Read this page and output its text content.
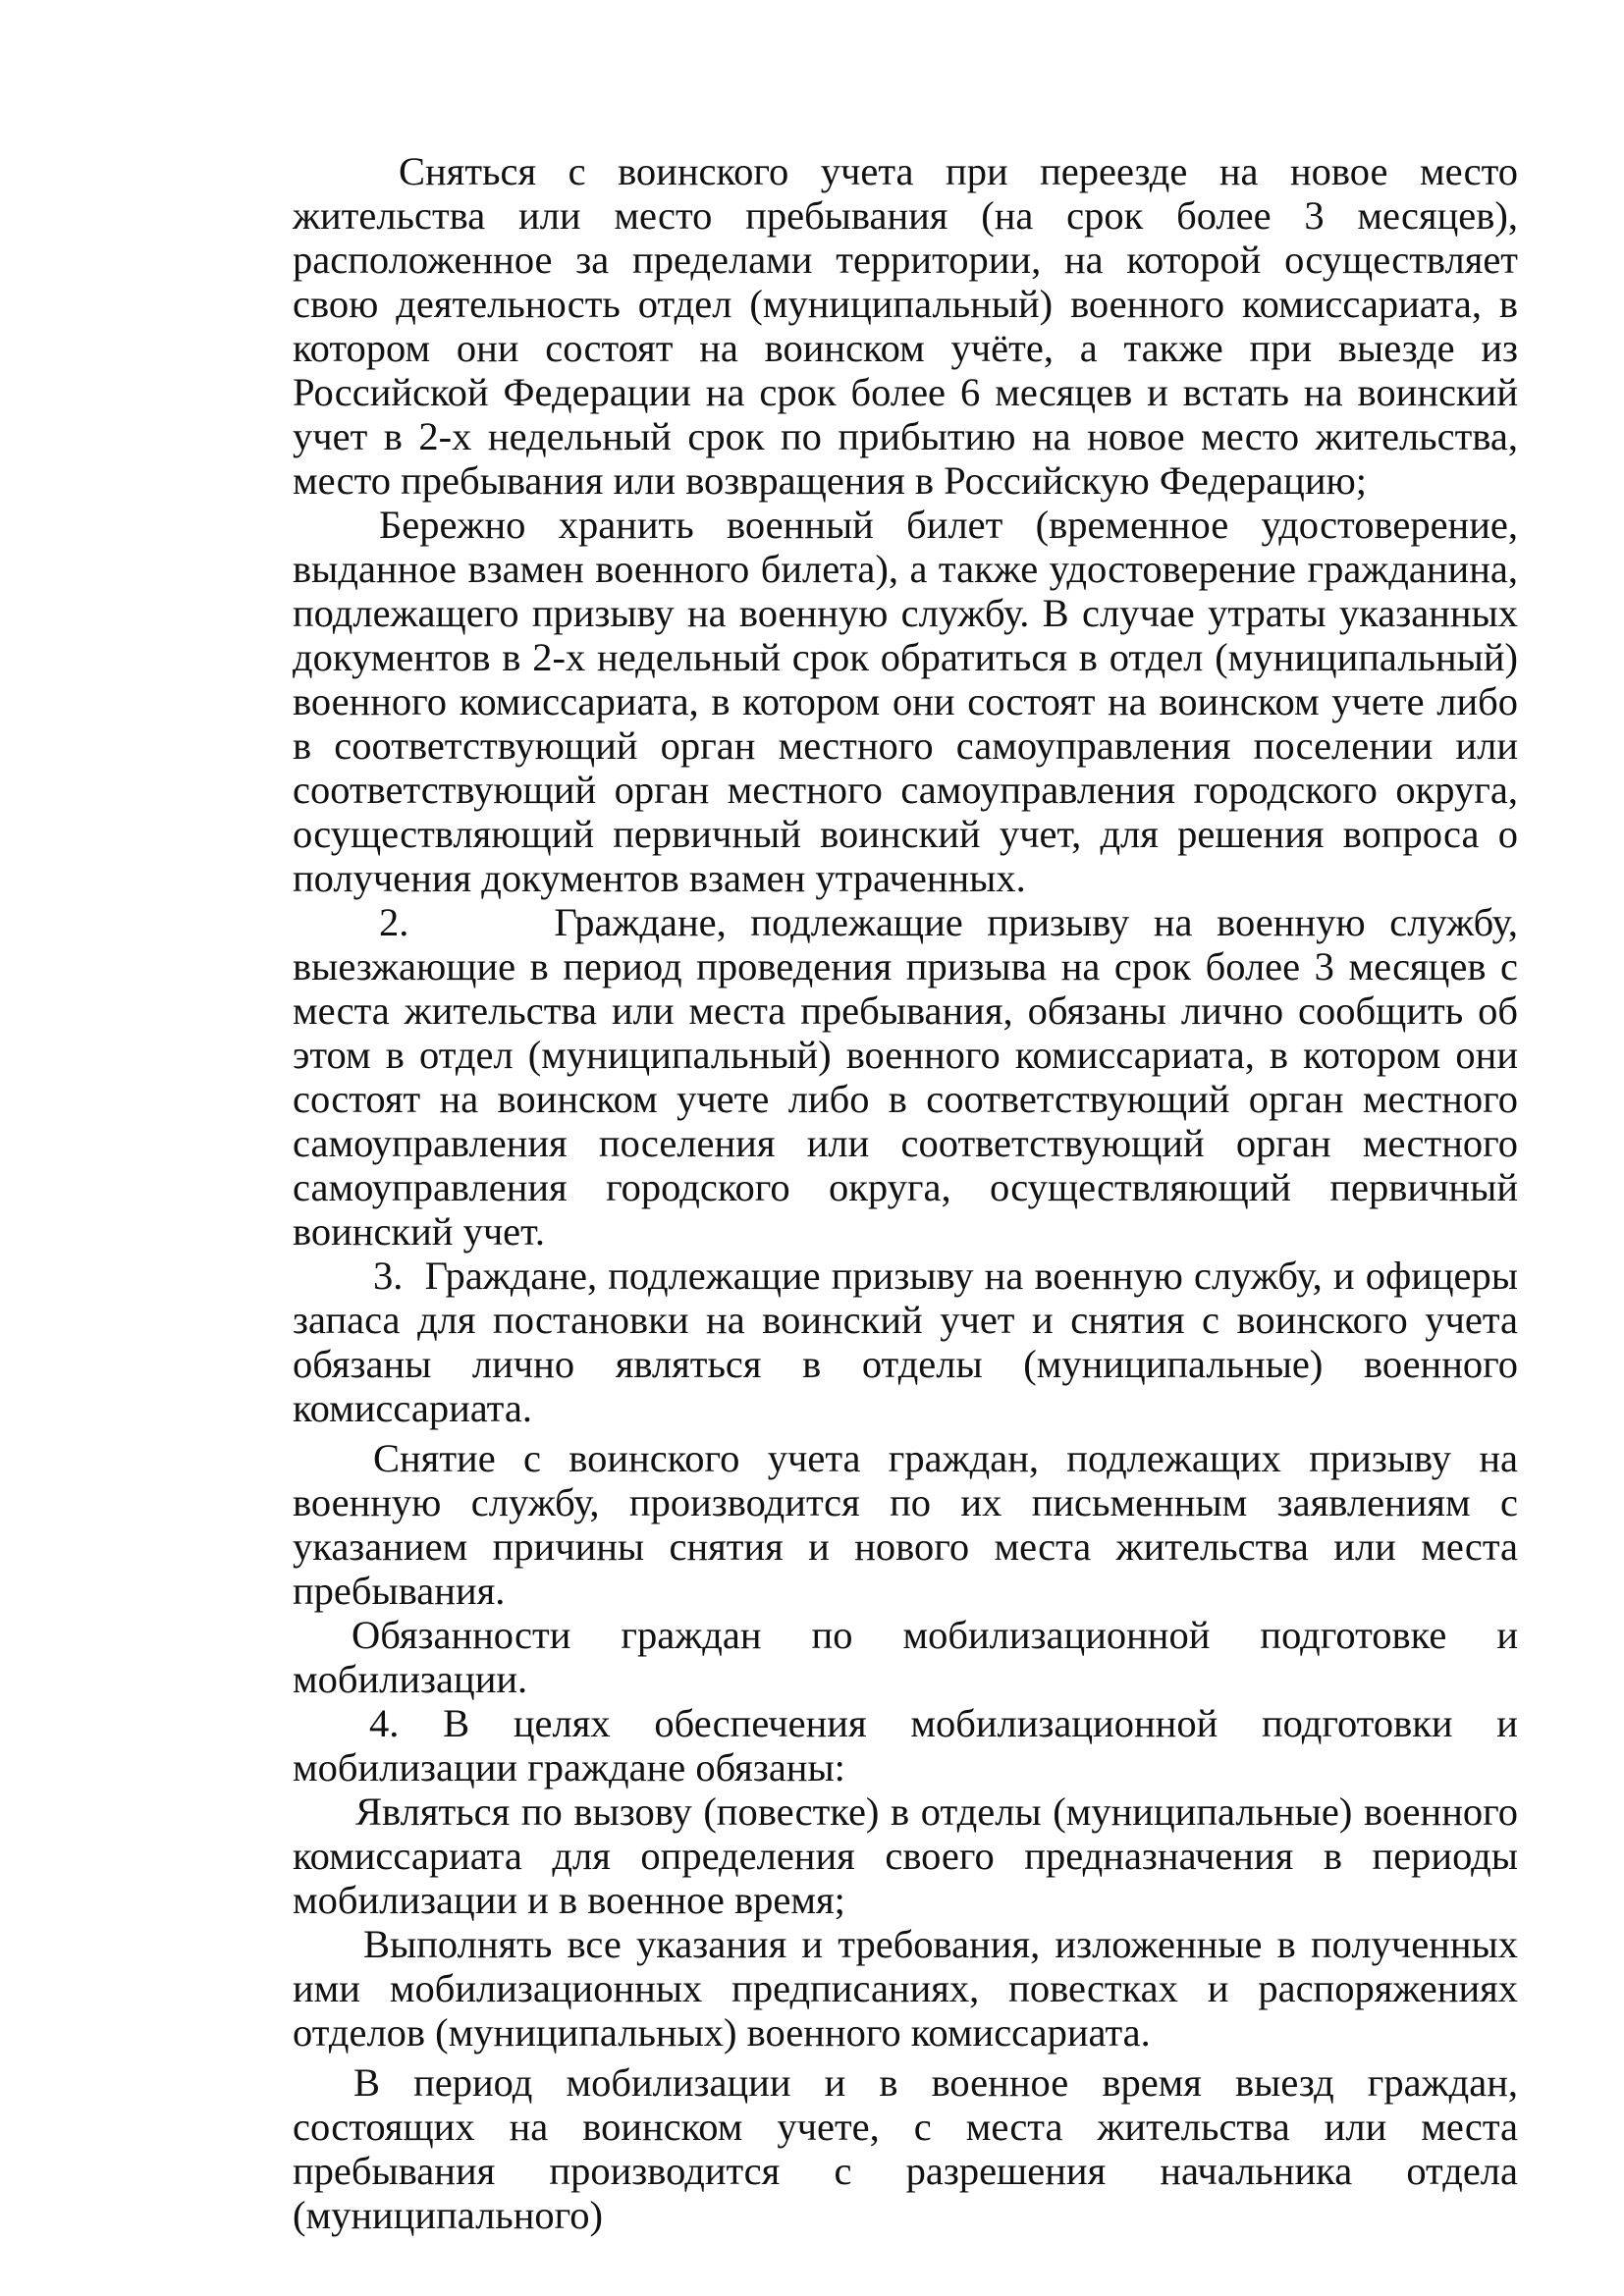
Сняться с воинского учета при переезде на новое место жительства или место пребывания (на срок более 3 месяцев), расположенное за пределами территории, на которой осуществляет свою деятельность отдел (муниципальный) военного комиссариата, в котором они состоят на воинском учёте, а также при выезде из Российской Федерации на срок более 6 месяцев и встать на воинский учет в 2-х недельный срок по прибытию на новое место жительства, место пребывания или возвращения в Российскую Федерацию;

Бережно хранить военный билет (временное удостоверение, выданное взамен военного билета), а также удостоверение гражданина, подлежащего призыву на военную службу. В случае утраты указанных документов в 2-х недельный срок обратиться в отдел (муниципальный) военного комиссариата, в котором они состоят на воинском учете либо в соответствующий орган местного самоуправления поселении или соответствующий орган местного самоуправления городского округа, осуществляющий первичный воинский учет, для решения вопроса о получения документов взамен утраченных.

2.      Граждане, подлежащие призыву на военную службу, выезжающие в период проведения призыва на срок более 3 месяцев с места жительства или места пребывания, обязаны лично сообщить об этом в отдел (муниципальный) военного комиссариата, в котором они состоят на воинском учете либо в соответствующий орган местного самоуправления поселения или соответствующий орган местного самоуправления городского округа, осуществляющий первичный воинский учет.

3.  Граждане, подлежащие призыву на военную службу, и офицеры запаса для постановки на воинский учет и снятия с воинского учета обязаны лично являться в отделы (муниципальные) военного комиссариата.

Снятие с воинского учета граждан, подлежащих призыву на военную службу, производится по их письменным заявлениям с указанием причины снятия и нового места жительства или места пребывания.

Обязанности граждан по мобилизационной подготовке и мобилизации.

4. В целях обеспечения мобилизационной подготовки и мобилизации граждане обязаны:

Являться по вызову (повестке) в отделы (муниципальные) военного комиссариата для определения своего предназначения в периоды мобилизации и в военное время;

Выполнять все указания и требования, изложенные в полученных ими мобилизационных предписаниях, повестках и распоряжениях отделов (муниципальных) военного комиссариата.

В период мобилизации и в военное время выезд граждан, состоящих на воинском учете, с места жительства или места пребывания производится с разрешения начальника отдела (муниципального)
